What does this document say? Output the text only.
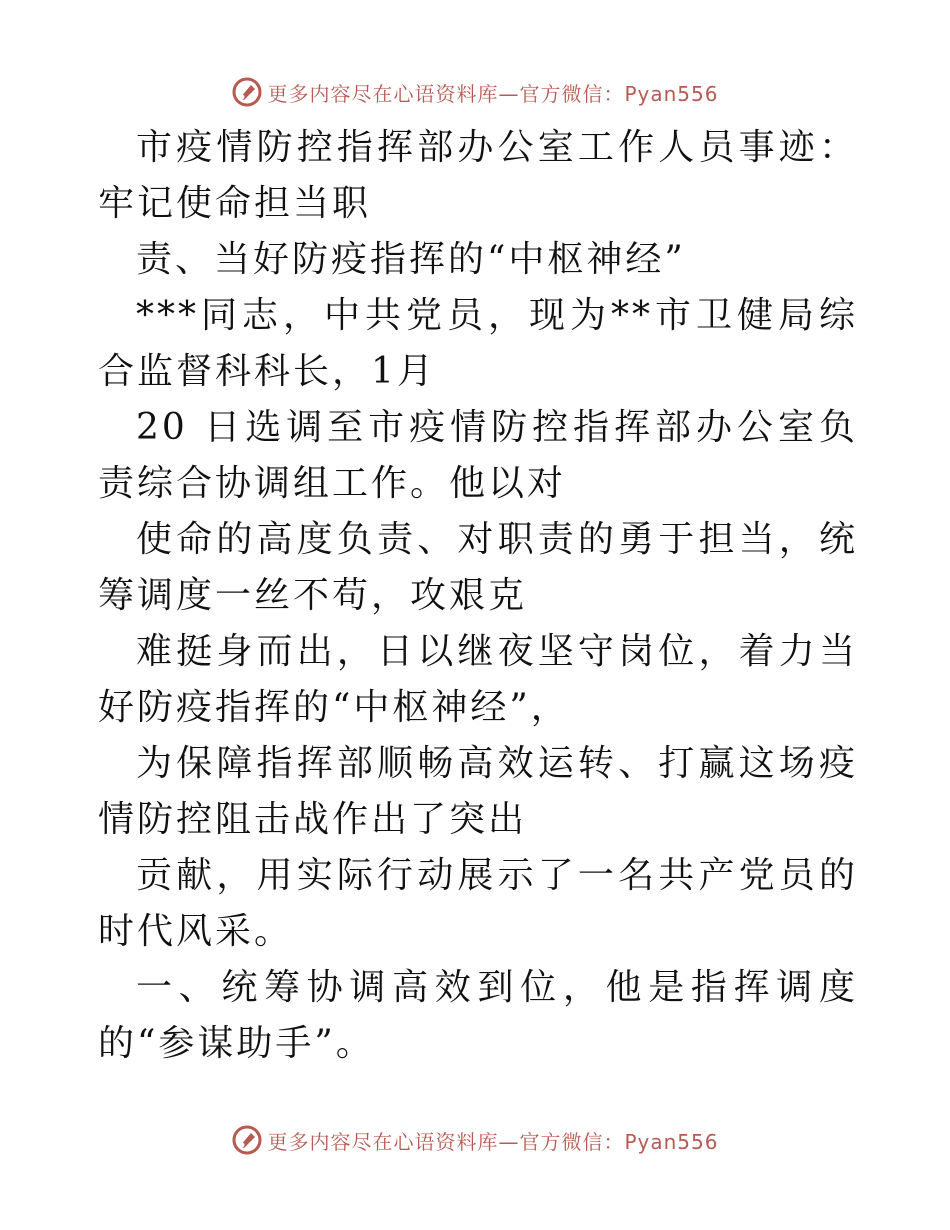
更多内容尽在心语资料库—官方微信：Pyan556

市疫情防控指挥部办公室工作人员事迹：牢记使命担当职

责、当好防疫指挥的“中枢神经”

***同志，中共党员，现为**市卫健局综合监督科科长，1月

20 日选调至市疫情防控指挥部办公室负责综合协调组工作。他以对

使命的高度负责、对职责的勇于担当，统筹调度一丝不苟，攻艰克

难挺身而出，日以继夜坚守岗位，着力当好防疫指挥的“中枢神经”，

为保障指挥部顺畅高效运转、打赢这场疫情防控阻击战作出了突出

贡献，用实际行动展示了一名共产党员的时代风采。

一、统筹协调高效到位，他是指挥调度的“参谋助手”。

更多内容尽在心语资料库—官方微信：Pyan556
